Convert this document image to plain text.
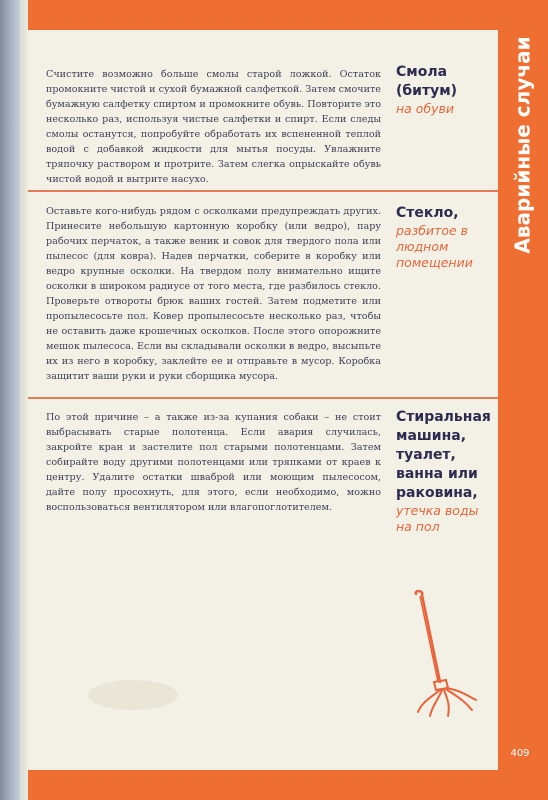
Счистите возможно больше смолы старой ложкой. Остаток промокните чистой и сухой бумажной салфеткой. Затем смочите бумажную салфетку спиртом и промокните обувь. Повторите это несколько раз, используя чистые салфетки и спирт. Если следы смолы останутся, попробуйте обработать их вспененной теплой водой с добавкой жидкости для мытья посуды. Увлажните тряпочку раствором и протрите. Затем слегка опрыскайте обувь чистой водой и вытрите насухо.
Смола (битум)
на обуви
Оставьте кого-нибудь рядом с осколками предупреждать других. Принесите небольшую картонную коробку (или ведро), пару рабочих перчаток, а также веник и совок для твердого пола или пылесос (для ковра). Надев перчатки, соберите в коробку или ведро крупные осколки. На твердом полу внимательно ищите осколки в широком радиусе от того места, где разбилось стекло. Проверьте отвороты брюк ваших гостей. Затем подметите или пропылесосьте пол. Ковер пропылесосьте несколько раз, чтобы не оставить даже крошечных осколков. После этого опорожните мешок пылесоса. Если вы складывали осколки в ведро, высыпьте их из него в коробку, заклейте ее и отправьте в мусор. Коробка защитит ваши руки и руки сборщика мусора.
Стекло,
разбитое в людном помещении
По этой причине – а также из-за купания собаки – не стоит выбрасывать старые полотенца. Если авария случилась, закройте кран и застелите пол старыми полотенцами. Затем собирайте воду другими полотенцами или тряпками от краев к центру. Удалите остатки шваброй или моющим пылесосом, дайте полу просохнуть, для этого, если необходимо, можно воспользоваться вентилятором или влагопоглотителем.
Стиральная машина, туалет, ванна или раковина,
утечка воды на пол
Аварийные случаи
409
